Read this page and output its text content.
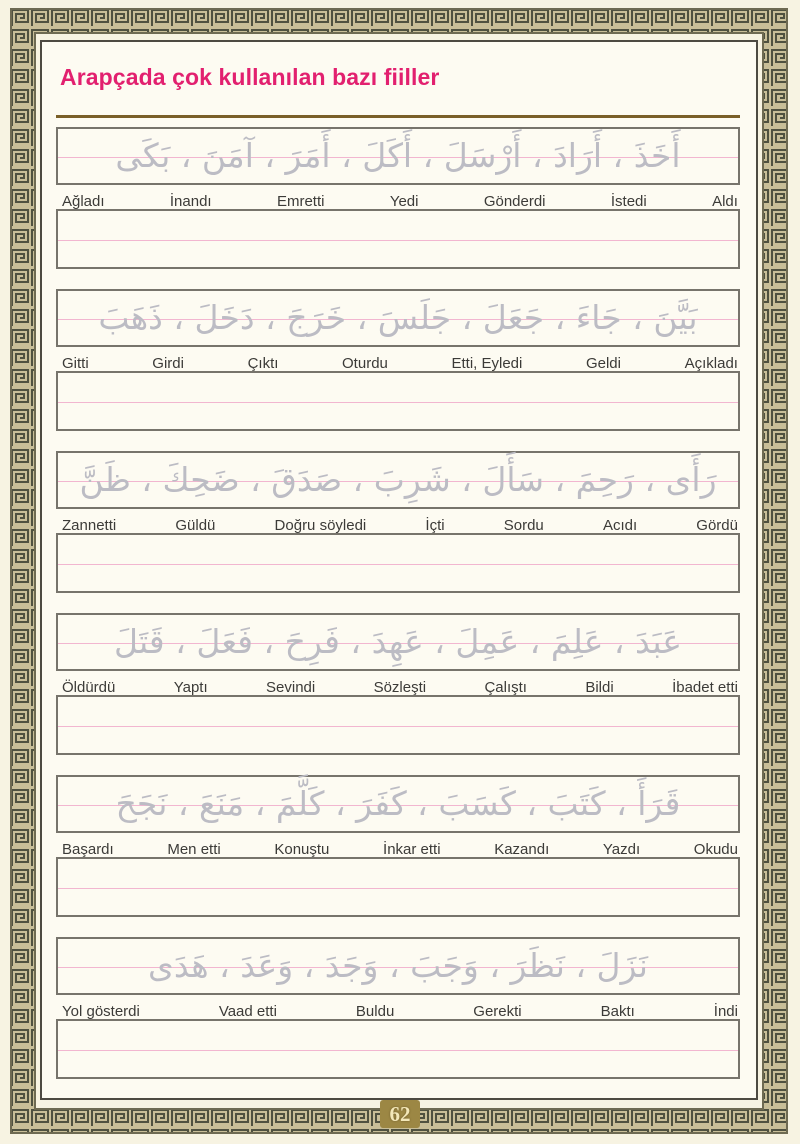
Arapçada çok kullanılan bazı fiiller
أَخَذَ ، أَرَادَ ، أَرْسَلَ ، أَكَلَ ، أَمَرَ ، آمَنَ ، بَكَى
Ağladı	İnandı	Emretti	Yedi	Gönderdi	İstedi	Aldı
بَيَّنَ ، جَاءَ ، جَعَلَ ، جَلَسَ ، خَرَجَ ، دَخَلَ ، ذَهَبَ
Gitti	Girdi	Çıktı	Oturdu	Etti, Eyledi	Geldi	Açıkladı
رَأَى ، رَحِمَ ، سَأَلَ ، شَرِبَ ، صَدَقَ ، ضَحِكَ ، ظَنَّ
Zannetti	Güldü	Doğru söyledi	İçti	Sordu	Acıdı	Gördü
عَبَدَ ، عَلِمَ ، عَمِلَ ، عَهِدَ ، فَرِحَ ، فَعَلَ ، قَتَلَ
Öldürdü	Yaptı	Sevindi	Sözleşti	Çalıştı	Bildi	İbadet etti
قَرَأَ ، كَتَبَ ، كَسَبَ ، كَفَرَ ، كَلَّمَ ، مَنَعَ ، نَجَحَ
Başardı	Men etti	Konuştu	İnkar etti	Kazandı	Yazdı	Okudu
نَزَلَ ، نَظَرَ ، وَجَبَ ، وَجَدَ ، وَعَدَ ، هَدَى
Yol gösterdi	Vaad etti	Buldu	Gerekti	Baktı	İndi
62
